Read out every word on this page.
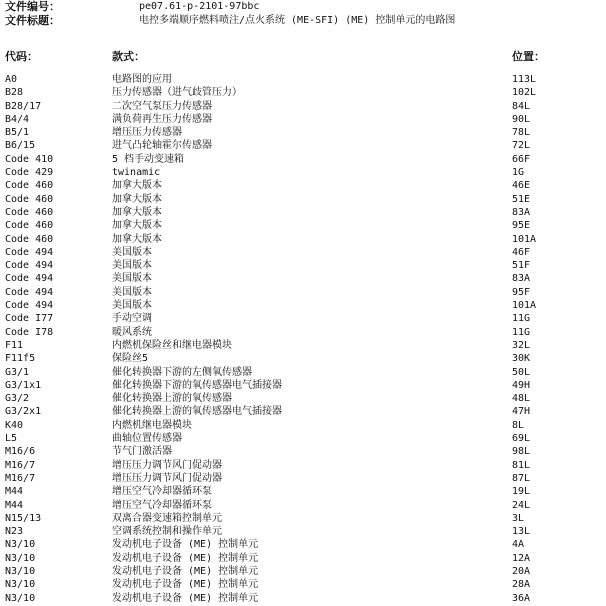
文件编号：	pe07.61-p-2101-97bbc
文件标题：	电控多端顺序燃料喷注/点火系统 (ME-SFI) (ME) 控制单元的电路图
代码：	款式：	位置：
A0	电路图的应用	113L
B28	压力传感器（进气歧管压力）	102L
B28/17	二次空气泵压力传感器	84L
B4/4	满负荷再生压力传感器	90L
B5/1	增压压力传感器	78L
B6/15	进气凸轮轴霍尔传感器	72L
Code 410	5 档手动变速箱	66F
Code 429	twinamic	1G
Code 460	加拿大版本	46E
Code 460	加拿大版本	51E
Code 460	加拿大版本	83A
Code 460	加拿大版本	95E
Code 460	加拿大版本	101A
Code 494	美国版本	46F
Code 494	美国版本	51F
Code 494	美国版本	83A
Code 494	美国版本	95F
Code 494	美国版本	101A
Code I77	手动空调	11G
Code I78	暖风系统	11G
F11	内燃机保险丝和继电器模块	32L
F11f5	保险丝5	30K
G3/1	催化转换器下游的左侧氧传感器	50L
G3/1x1	催化转换器下游的氧传感器电气插接器	49H
G3/2	催化转换器上游的氧传感器	48L
G3/2x1	催化转换器上游的氧传感器电气插接器	47H
K40	内燃机继电器模块	8L
L5	曲轴位置传感器	69L
M16/6	节气门激活器	98L
M16/7	增压压力调节风门促动器	81L
M16/7	增压压力调节风门促动器	87L
M44	增压空气冷却器循环泵	19L
M44	增压空气冷却器循环泵	24L
N15/13	双离合器变速箱控制单元	3L
N23	空调系统控制和操作单元	13L
N3/10	发动机电子设备 (ME) 控制单元	4A
N3/10	发动机电子设备 (ME) 控制单元	12A
N3/10	发动机电子设备 (ME) 控制单元	20A
N3/10	发动机电子设备 (ME) 控制单元	28A
N3/10	发动机电子设备 (ME) 控制单元	36A
